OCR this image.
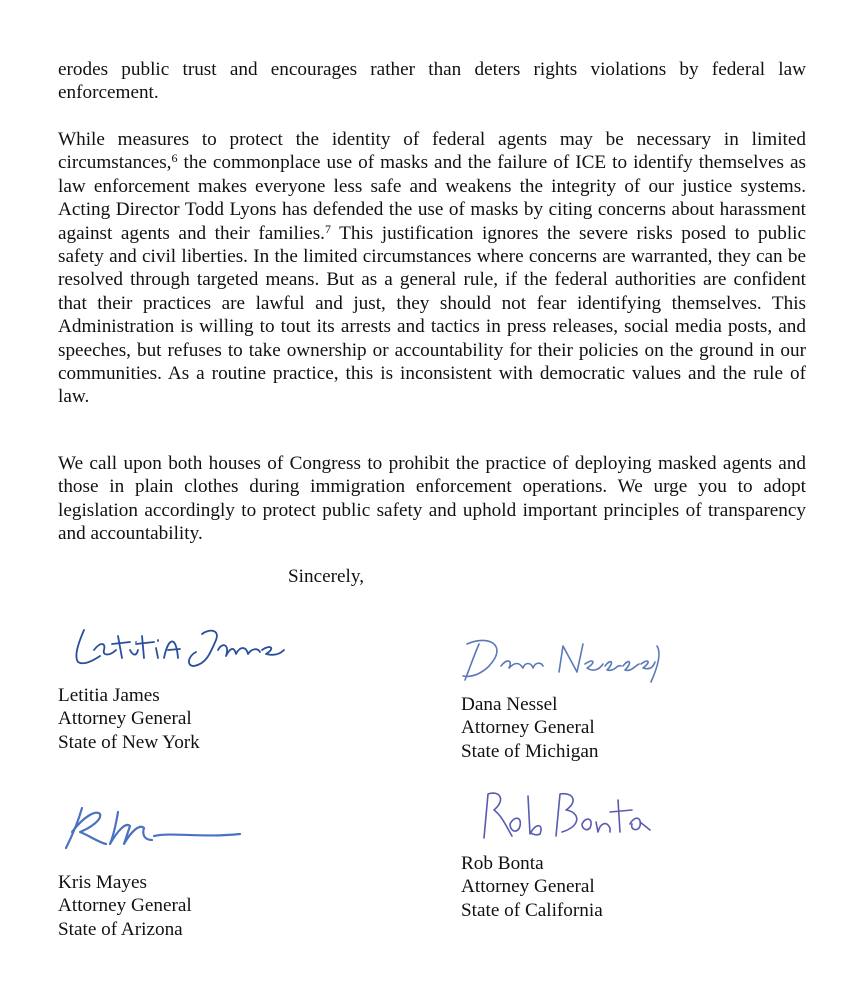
erodes public trust and encourages rather than deters rights violations by federal law enforcement.

While measures to protect the identity of federal agents may be necessary in limited circumstances,$^6$ the commonplace use of masks and the failure of ICE to identify themselves as law enforcement makes everyone less safe and weakens the integrity of our justice systems. Acting Director Todd Lyons has defended the use of masks by citing concerns about harassment against agents and their families.$^7$ This justification ignores the severe risks posed to public safety and civil liberties. In the limited circumstances where concerns are warranted, they can be resolved through targeted means. But as a general rule, if the federal authorities are confident that their practices are lawful and just, they should not fear identifying themselves. This Administration is willing to tout its arrests and tactics in press releases, social media posts, and speeches, but refuses to take ownership or accountability for their policies on the ground in our communities. As a routine practice, this is inconsistent with democratic values and the rule of law.

We call upon both houses of Congress to prohibit the practice of deploying masked agents and those in plain clothes during immigration enforcement operations. We urge you to adopt legislation accordingly to protect public safety and uphold important principles of transparency and accountability.

Sincerely,
Letitia James
Attorney General
State of New York
Dana Nessel
Attorney General
State of Michigan
Kris Mayes
Attorney General
State of Arizona
Rob Bonta
Attorney General
State of California
